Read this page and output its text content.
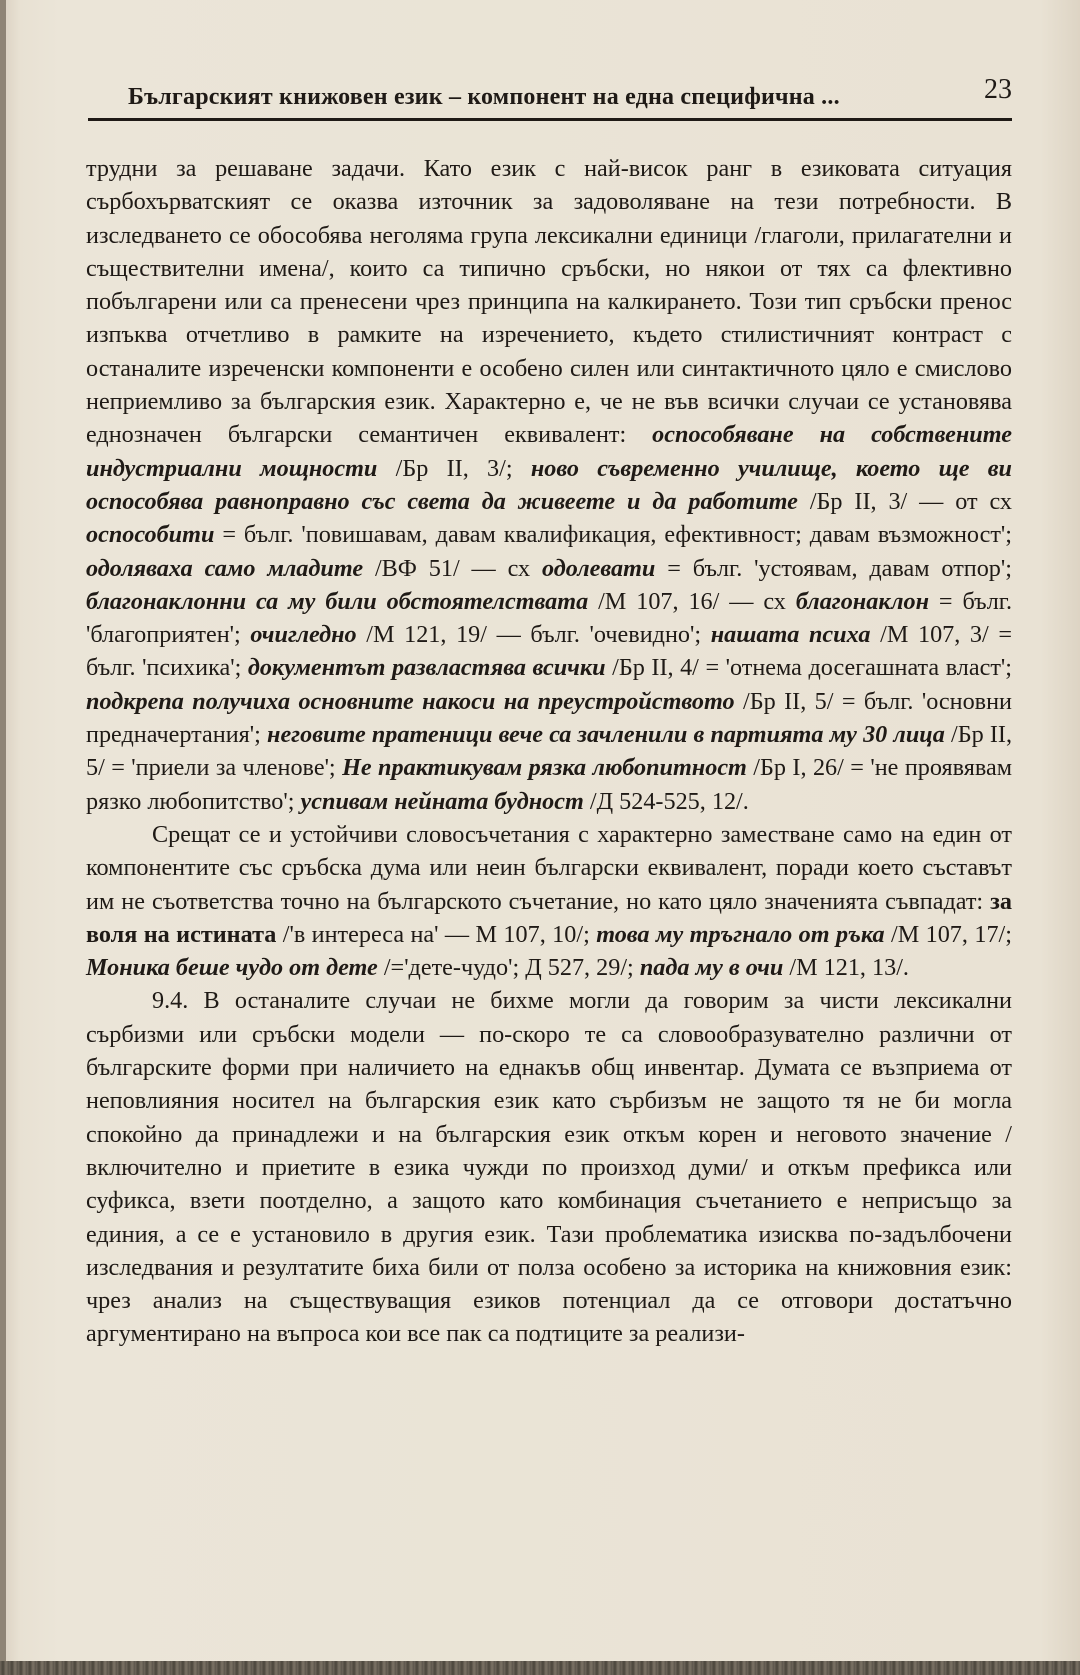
Българският книжовен език – компонент на една специфична ...	23

трудни за решаване задачи. Като език с най-висок ранг в езиковата ситуация сърбохърватският се оказва източник за задоволяване на тези потребности. В изследването се обособява неголяма група лексикални единици /глаголи, прилагателни и съществителни имена/, които са типично сръбски, но някои от тях са флективно побългарени или са пренесени чрез принципа на калкирането. Този тип сръбски пренос изпъква отчетливо в рамките на изречението, където стилистичният контраст с останалите изреченски компоненти е особено силен или синтактичното цяло е смислово неприемливо за българския език. Характерно е, че не във всички случаи се установява еднозначен български семантичен еквивалент: оспособяване на собствените индустриални мощности /Бр II, 3/; ново съвременно училище, което ще ви оспособява равноправно със света да живеете и да работите /Бр II, 3/ — от сх оспособити = бълг. 'повишавам, давам квалификация, ефективност; давам възможност'; одоляваха само младите /ВФ 51/ — сх одолевати = бълг. 'устоявам, давам отпор'; благонаклонни са му били обстоятелствата /М 107, 16/ — сх благонаклон = бълг. 'благоприятен'; очигледно /М 121, 19/ — бълг. 'очевидно'; нашата психа /М 107, 3/ = бълг. 'психика'; документът развластява всички /Бр II, 4/ = 'отнема досегашната власт'; подкрепа получиха основните накоси на преустройството /Бр II, 5/ = бълг. 'основни предначертания'; неговите пратеници вече са зачленили в партията му 30 лица /Бр II, 5/ = 'приели за членове'; Не практикувам рязка любопитност /Бр I, 26/ = 'не проявявам рязко любопитство'; успивам нейната будност /Д 524-525, 12/.

Срещат се и устойчиви словосъчетания с характерно заместване само на един от компонентите със сръбска дума или неин български еквивалент, поради което съставът им не съответства точно на българското съчетание, но като цяло значенията съвпадат: за воля на истината /'в интереса на' — М 107, 10/; това му тръгнало от ръка /М 107, 17/; Моника беше чудо от дете /='дете-чудо'; Д 527, 29/; пада му в очи /М 121, 13/.

9.4. В останалите случаи не бихме могли да говорим за чисти лексикални сърбизми или сръбски модели — по-скоро те са словообразувателно различни от българските форми при наличието на еднакъв общ инвентар. Думата се възприема от неповлияния носител на българския език като сърбизъм не защото тя не би могла спокойно да принадлежи и на българския език откъм корен и неговото значение /включително и приетите в езика чужди по произход думи/ и откъм префикса или суфикса, взети поотделно, а защото като комбинация съчетанието е неприсъщо за единия, а се е установило в другия език. Тази проблематика изисква по-задълбочени изследвания и резултатите биха били от полза особено за историка на книжовния език: чрез анализ на съществуващия езиков потенциал да се отговори достатъчно аргументирано на въпроса кои все пак са подтиците за реализи-
